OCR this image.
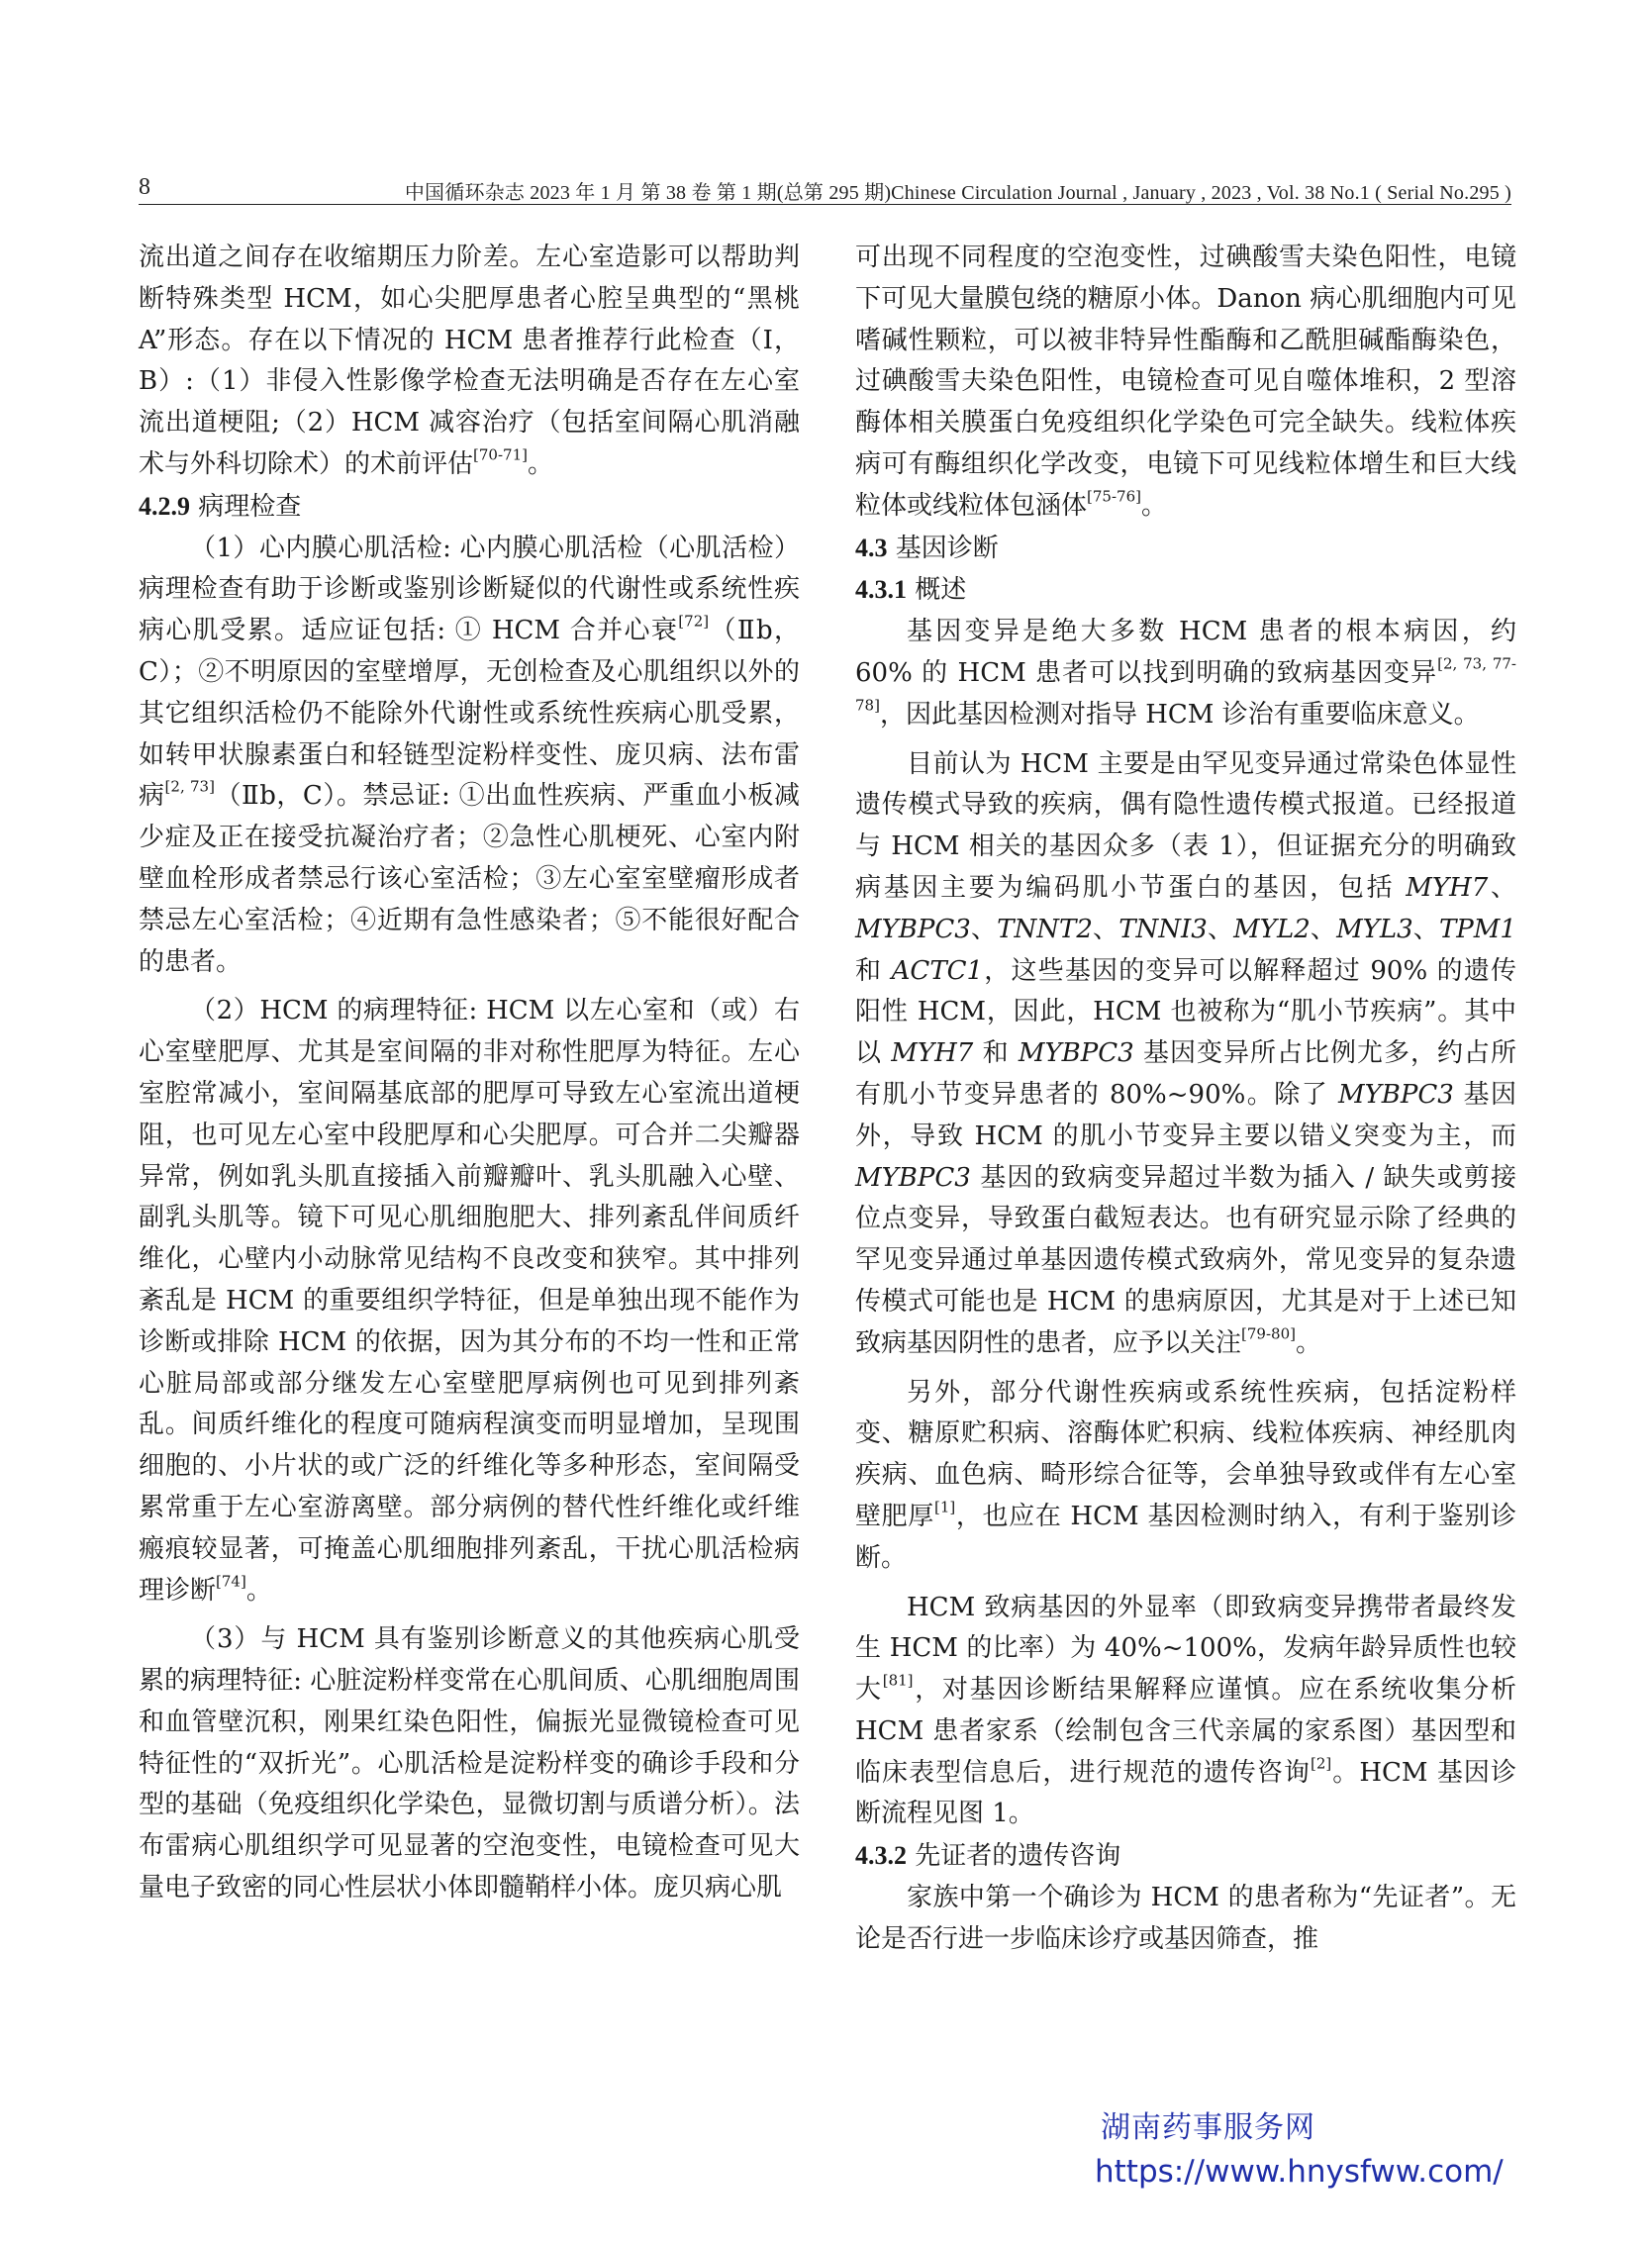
8	中国循环杂志 2023 年 1 月 第 38 卷 第 1 期(总第 295 期)Chinese Circulation Journal , January , 2023 , Vol. 38 No.1 ( Serial No.295 )

流出道之间存在收缩期压力阶差。左心室造影可以帮助判断特殊类型 HCM，如心尖肥厚患者心腔呈典型的“黑桃 A”形态。存在以下情况的 HCM 患者推荐行此检查（Ⅰ，B）:（1）非侵入性影像学检查无法明确是否存在左心室流出道梗阻;（2）HCM 减容治疗（包括室间隔心肌消融术与外科切除术）的术前评估[70-71]。

4.2.9 病理检查

（1）心内膜心肌活检: 心内膜心肌活检（心肌活检）病理检查有助于诊断或鉴别诊断疑似的代谢性或系统性疾病心肌受累。适应证包括: ① HCM 合并心衰[72]（Ⅱb，C）；②不明原因的室壁增厚，无创检查及心肌组织以外的其它组织活检仍不能除外代谢性或系统性疾病心肌受累，如转甲状腺素蛋白和轻链型淀粉样变性、庞贝病、法布雷病[2, 73]（Ⅱb，C）。禁忌证: ①出血性疾病、严重血小板减少症及正在接受抗凝治疗者；②急性心肌梗死、心室内附壁血栓形成者禁忌行该心室活检；③左心室室壁瘤形成者禁忌左心室活检；④近期有急性感染者；⑤不能很好配合的患者。

（2）HCM 的病理特征: HCM 以左心室和（或）右心室壁肥厚、尤其是室间隔的非对称性肥厚为特征。左心室腔常减小，室间隔基底部的肥厚可导致左心室流出道梗阻，也可见左心室中段肥厚和心尖肥厚。可合并二尖瓣器异常，例如乳头肌直接插入前瓣瓣叶、乳头肌融入心壁、副乳头肌等。镜下可见心肌细胞肥大、排列紊乱伴间质纤维化，心壁内小动脉常见结构不良改变和狭窄。其中排列紊乱是 HCM 的重要组织学特征，但是单独出现不能作为诊断或排除 HCM 的依据，因为其分布的不均一性和正常心脏局部或部分继发左心室壁肥厚病例也可见到排列紊乱。间质纤维化的程度可随病程演变而明显增加，呈现围细胞的、小片状的或广泛的纤维化等多种形态，室间隔受累常重于左心室游离壁。部分病例的替代性纤维化或纤维瘢痕较显著，可掩盖心肌细胞排列紊乱，干扰心肌活检病理诊断[74]。

（3）与 HCM 具有鉴别诊断意义的其他疾病心肌受累的病理特征: 心脏淀粉样变常在心肌间质、心肌细胞周围和血管壁沉积，刚果红染色阳性，偏振光显微镜检查可见特征性的“双折光”。心肌活检是淀粉样变的确诊手段和分型的基础（免疫组织化学染色，显微切割与质谱分析）。法布雷病心肌组织学可见显著的空泡变性，电镜检查可见大量电子致密的同心性层状小体即髓鞘样小体。庞贝病心肌

可出现不同程度的空泡变性，过碘酸雪夫染色阳性，电镜下可见大量膜包绕的糖原小体。Danon 病心肌细胞内可见嗜碱性颗粒，可以被非特异性酯酶和乙酰胆碱酯酶染色，过碘酸雪夫染色阳性，电镜检查可见自噬体堆积，2 型溶酶体相关膜蛋白免疫组织化学染色可完全缺失。线粒体疾病可有酶组织化学改变，电镜下可见线粒体增生和巨大线粒体或线粒体包涵体[75-76]。

4.3 基因诊断

4.3.1 概述

基因变异是绝大多数 HCM 患者的根本病因，约 60% 的 HCM 患者可以找到明确的致病基因变异[2, 73, 77-78]，因此基因检测对指导 HCM 诊治有重要临床意义。

目前认为 HCM 主要是由罕见变异通过常染色体显性遗传模式导致的疾病，偶有隐性遗传模式报道。已经报道与 HCM 相关的基因众多（表 1），但证据充分的明确致病基因主要为编码肌小节蛋白的基因，包括 MYH7、MYBPC3、TNNT2、TNNI3、MYL2、MYL3、TPM1 和 ACTC1，这些基因的变异可以解释超过 90% 的遗传阳性 HCM，因此，HCM 也被称为“肌小节疾病”。其中以 MYH7 和 MYBPC3 基因变异所占比例尤多，约占所有肌小节变异患者的 80%~90%。除了 MYBPC3 基因外，导致 HCM 的肌小节变异主要以错义突变为主，而 MYBPC3 基因的致病变异超过半数为插入 / 缺失或剪接位点变异，导致蛋白截短表达。也有研究显示除了经典的罕见变异通过单基因遗传模式致病外，常见变异的复杂遗传模式可能也是 HCM 的患病原因，尤其是对于上述已知致病基因阴性的患者，应予以关注[79-80]。

另外，部分代谢性疾病或系统性疾病，包括淀粉样变、糖原贮积病、溶酶体贮积病、线粒体疾病、神经肌肉疾病、血色病、畸形综合征等，会单独导致或伴有左心室壁肥厚[1]，也应在 HCM 基因检测时纳入，有利于鉴别诊断。

HCM 致病基因的外显率（即致病变异携带者最终发生 HCM 的比率）为 40%~100%，发病年龄异质性也较大[81]，对基因诊断结果解释应谨慎。应在系统收集分析 HCM 患者家系（绘制包含三代亲属的家系图）基因型和临床表型信息后，进行规范的遗传咨询[2]。HCM 基因诊断流程见图 1。

4.3.2 先证者的遗传咨询

家族中第一个确诊为 HCM 的患者称为“先证者”。无论是否行进一步临床诊疗或基因筛查，推

湖南药事服务网
https://www.hnysfww.com/
